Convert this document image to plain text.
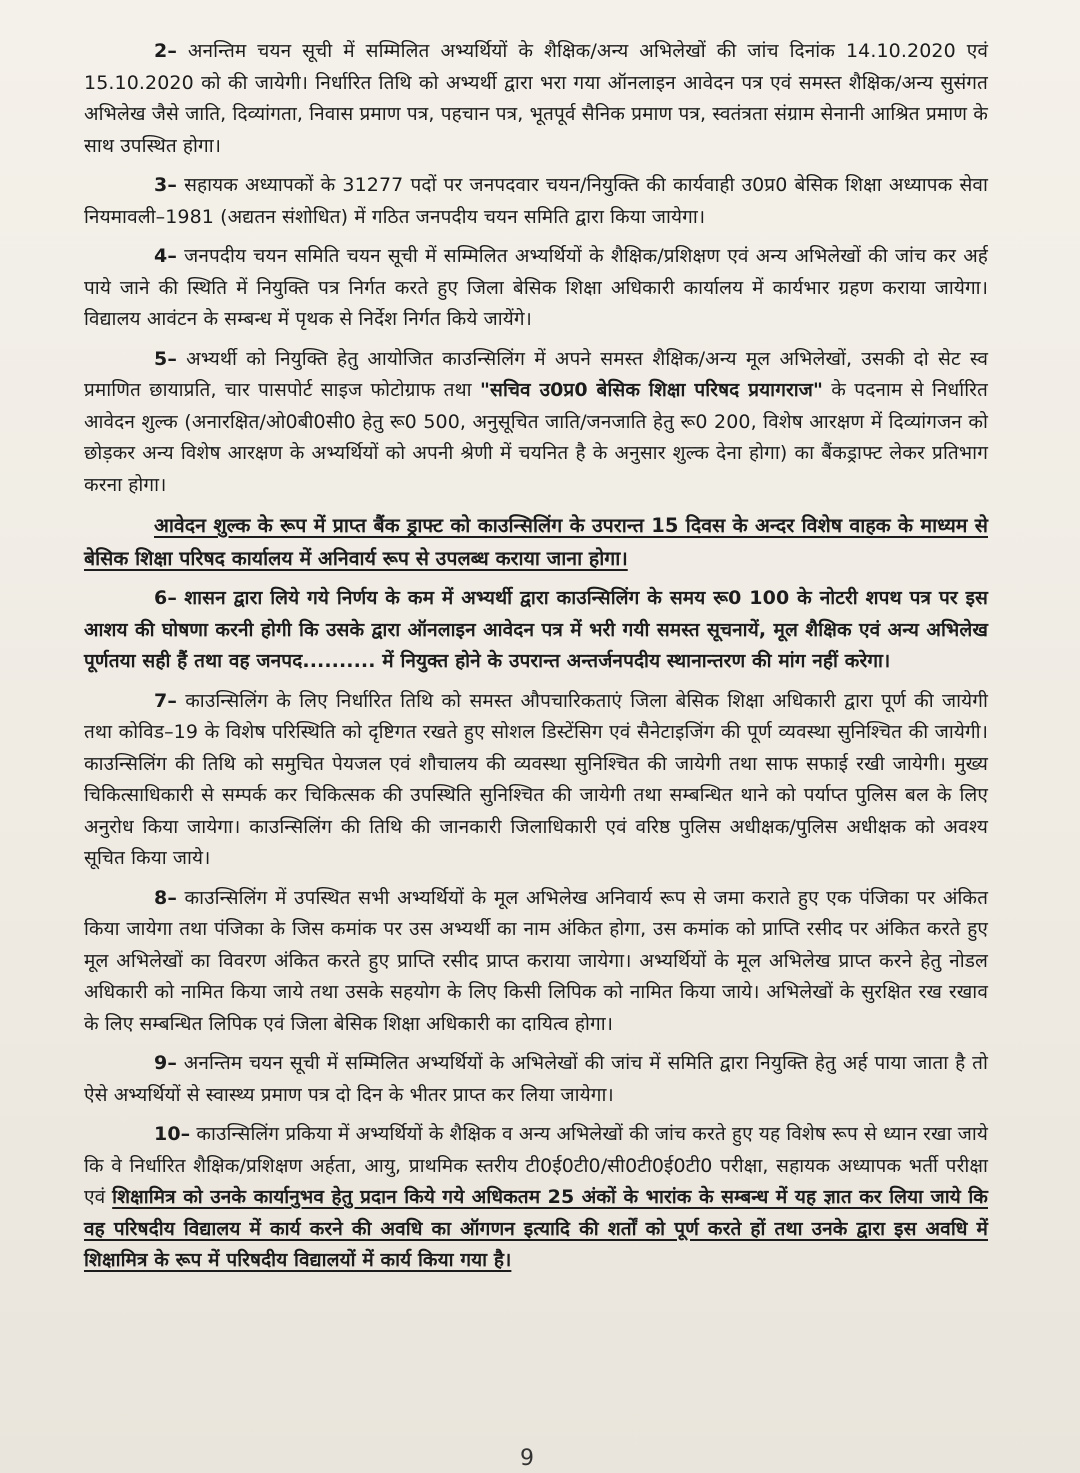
2– अनन्तिम चयन सूची में सम्मिलित अभ्यर्थियों के शैक्षिक/अन्य अभिलेखों की जांच दिनांक 14.10.2020 एवं 15.10.2020 को की जायेगी। निर्धारित तिथि को अभ्यर्थी द्वारा भरा गया ऑनलाइन आवेदन पत्र एवं समस्त शैक्षिक/अन्य सुसंगत अभिलेख जैसे जाति, दिव्यांगता, निवास प्रमाण पत्र, पहचान पत्र, भूतपूर्व सैनिक प्रमाण पत्र, स्वतंत्रता संग्राम सेनानी आश्रित प्रमाण के साथ उपस्थित होगा।

3– सहायक अध्यापकों के 31277 पदों पर जनपदवार चयन/नियुक्ति की कार्यवाही उ0प्र0 बेसिक शिक्षा अध्यापक सेवा नियमावली–1981 (अद्यतन संशोधित) में गठित जनपदीय चयन समिति द्वारा किया जायेगा।

4– जनपदीय चयन समिति चयन सूची में सम्मिलित अभ्यर्थियों के शैक्षिक/प्रशिक्षण एवं अन्य अभिलेखों की जांच कर अर्ह पाये जाने की स्थिति में नियुक्ति पत्र निर्गत करते हुए जिला बेसिक शिक्षा अधिकारी कार्यालय में कार्यभार ग्रहण कराया जायेगा। विद्यालय आवंटन के सम्बन्ध में पृथक से निर्देश निर्गत किये जायेंगे।

5– अभ्यर्थी को नियुक्ति हेतु आयोजित काउन्सिलिंग में अपने समस्त शैक्षिक/अन्य मूल अभिलेखों, उसकी दो सेट स्व प्रमाणित छायाप्रति, चार पासपोर्ट साइज फोटोग्राफ तथा "सचिव उ0प्र0 बेसिक शिक्षा परिषद प्रयागराज" के पदनाम से निर्धारित आवेदन शुल्क (अनारक्षित/ओ0बी0सी0 हेतु रू0 500, अनुसूचित जाति/जनजाति हेतु रू0 200, विशेष आरक्षण में दिव्यांगजन को छोड़कर अन्य विशेष आरक्षण के अभ्यर्थियों को अपनी श्रेणी में चयनित है के अनुसार शुल्क देना होगा) का बैंकड्राफ्ट लेकर प्रतिभाग करना होगा।

आवेदन शुल्क के रूप में प्राप्त बैंक ड्राफ्ट को काउन्सिलिंग के उपरान्त 15 दिवस के अन्दर विशेष वाहक के माध्यम से बेसिक शिक्षा परिषद कार्यालय में अनिवार्य रूप से उपलब्ध कराया जाना होगा।

6– शासन द्वारा लिये गये निर्णय के कम में अभ्यर्थी द्वारा काउन्सिलिंग के समय रू0 100 के नोटरी शपथ पत्र पर इस आशय की घोषणा करनी होगी कि उसके द्वारा ऑनलाइन आवेदन पत्र में भरी गयी समस्त सूचनायें, मूल शैक्षिक एवं अन्य अभिलेख पूर्णतया सही हैं तथा वह जनपद.......... में नियुक्त होने के उपरान्त अन्तर्जनपदीय स्थानान्तरण की मांग नहीं करेगा।

7– काउन्सिलिंग के लिए निर्धारित तिथि को समस्त औपचारिकताएं जिला बेसिक शिक्षा अधिकारी द्वारा पूर्ण की जायेगी तथा कोविड–19 के विशेष परिस्थिति को दृष्टिगत रखते हुए सोशल डिस्टेंसिग एवं सैनेटाइजिंग की पूर्ण व्यवस्था सुनिश्चित की जायेगी। काउन्सिलिंग की तिथि को समुचित पेयजल एवं शौचालय की व्यवस्था सुनिश्चित की जायेगी तथा साफ सफाई रखी जायेगी। मुख्य चिकित्साधिकारी से सम्पर्क कर चिकित्सक की उपस्थिति सुनिश्चित की जायेगी तथा सम्बन्धित थाने को पर्याप्त पुलिस बल के लिए अनुरोध किया जायेगा। काउन्सिलिंग की तिथि की जानकारी जिलाधिकारी एवं वरिष्ठ पुलिस अधीक्षक/पुलिस अधीक्षक को अवश्य सूचित किया जाये।

8– काउन्सिलिंग में उपस्थित सभी अभ्यर्थियों के मूल अभिलेख अनिवार्य रूप से जमा कराते हुए एक पंजिका पर अंकित किया जायेगा तथा पंजिका के जिस कमांक पर उस अभ्यर्थी का नाम अंकित होगा, उस कमांक को प्राप्ति रसीद पर अंकित करते हुए मूल अभिलेखों का विवरण अंकित करते हुए प्राप्ति रसीद प्राप्त कराया जायेगा। अभ्यर्थियों के मूल अभिलेख प्राप्त करने हेतु नोडल अधिकारी को नामित किया जाये तथा उसके सहयोग के लिए किसी लिपिक को नामित किया जाये। अभिलेखों के सुरक्षित रख रखाव के लिए सम्बन्धित लिपिक एवं जिला बेसिक शिक्षा अधिकारी का दायित्व होगा।

9– अनन्तिम चयन सूची में सम्मिलित अभ्यर्थियों के अभिलेखों की जांच में समिति द्वारा नियुक्ति हेतु अर्ह पाया जाता है तो ऐसे अभ्यर्थियों से स्वास्थ्य प्रमाण पत्र दो दिन के भीतर प्राप्त कर लिया जायेगा।

10– काउन्सिलिंग प्रकिया में अभ्यर्थियों के शैक्षिक व अन्य अभिलेखों की जांच करते हुए यह विशेष रूप से ध्यान रखा जाये कि वे निर्धारित शैक्षिक/प्रशिक्षण अर्हता, आयु, प्राथमिक स्तरीय टी0ई0टी0/सी0टी0ई0टी0 परीक्षा, सहायक अध्यापक भर्ती परीक्षा एवं शिक्षामित्र को उनके कार्यानुभव हेतु प्रदान किये गये अधिकतम 25 अंकों के भारांक के सम्बन्ध में यह ज्ञात कर लिया जाये कि वह परिषदीय विद्यालय में कार्य करने की अवधि का ऑगणन इत्यादि की शर्तों को पूर्ण करते हों तथा उनके द्वारा इस अवधि में शिक्षामित्र के रूप में परिषदीय विद्यालयों में कार्य किया गया है।

9
